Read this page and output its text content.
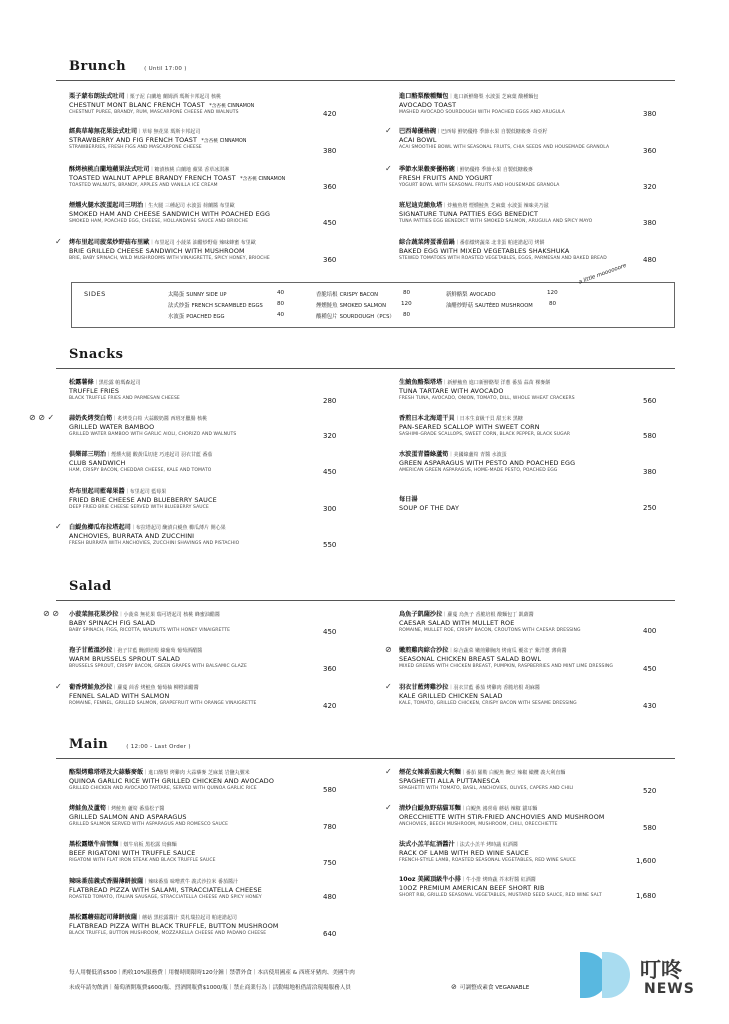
Brunch	( Until 17:00 )
栗子蒙布朗法式吐司｜栗子泥 白蘭地 蘭姆酒 瑪斯卡邦起司 核桃
CHESTNUT MONT BLANC FRENCH TOAST *含杏桃 CINNAMON
CHESTNUT PUREE, BRANDY, RUM, MASCARPONE CHEESE AND WALNUTS	420
經典草莓無花果法式吐司｜草莓 無花果 瑪斯卡邦起司
STRAWBERRY AND FIG FRENCH TOAST *含杏桃 CINNAMON
STRAWBERRIES, FRESH FIGS AND MASCARPONE CHEESE	380
酥烤核桃白蘭地蘋果法式吐司｜糖漬核桃 白蘭地 蘋果 香草冰淇淋
TOASTED WALNUT APPLE BRANDY FRENCH TOAST *含杏桃 CINNAMON
TOASTED WALNUTS, BRANDY, APPLES AND VANILLA ICE CREAM	360
煙燻火腿水波蛋起司三明治｜生火腿 三種起司 水波蛋 荷蘭醬 布里歐
SMOKED HAM AND CHEESE SANDWICH WITH POACHED EGG
SMOKED HAM, POACHED EGG, CHEESE, HOLLANDAISE SAUCE AND BRIOCHE	450
✓ 烤布里起司菠菜炒野菇布里歐｜布里起司 小菠菜 油醋炒野菇 辣味蜂蜜 布里歐
BRIE GRILLED CHEESE SANDWICH WITH MUSHROOM
BRIE, BABY SPINACH, WILD MUSHROOMS WITH VINAIGRETTE, SPICY HONEY, BRIOCHE	360
進口酪梨酸種麵包｜進口新鮮酪梨 水波蛋 芝麻葉 酸種麵包
AVOCADO TOAST
MASHED AVOCADO SOURDOUGH WITH POACHED EGGS AND ARUGULA	380
✓ 巴西莓優格碗｜巴西莓 鮮奶優格 季節水果 自製低糖穀麥 奇亞籽
ACAI BOWL
ACAI SMOOTHIE BOWL WITH SEASONAL FRUITS, CHIA SEEDS AND HOUSEMADE GRANOLA	360
✓ 季節水果穀麥優格碗｜鮮奶優格 季節水果 自製低糖穀麥
FRESH FRUITS AND YOGURT
YOGURT BOWL WITH SEASONAL FRUITS AND HOUSEMADE GRANOLA	320
班尼迪克鮪魚塔｜炸鮪魚塔 煙燻鮭魚 芝麻葉 水波蛋 辣味美乃滋
SIGNATURE TUNA PATTIES EGG BENEDICT
TUNA PATTIES EGG BENEDICT WITH SMOKED SALMON, ARUGULA AND SPICY MAYO	380
綜合蔬菜烤蛋番茄鍋｜番茄燉烤蔬菜 北非蛋 帕達諾起司 烤餅
BAKED EGG WITH MIXED VEGETABLES SHAKSHUKA
STEWED TOMATOES WITH ROASTED VEGETABLES, EGGS, PARMESAN AND BAKED BREAD	480
SIDES	太陽蛋 SUNNY SIDE UP	40
法式炒蛋 FRENCH SCRAMBLED EGGS	80
水波蛋 POACHED EGG	40
香脆培根 CRISPY BACON	80
煙燻鮭魚 SMOKED SALMON	120
酸種包片 SOURDOUGH（PCS） 80
新鮮酪梨 AVOCADO	120
油醋炒野菇 SAUTÉED MUSHROOM	80
a little moooooore
Snacks
松露薯條｜黑松露 帕瑪森起司
TRUFFLE FRIES
BLACK TRUFFLE FRIES AND PARMESAN CHEESE	280
⊘ ⊘ ✓ 蒜奶炙烤茭白筍｜炙烤茭白筍 大蒜酸奶醬 西班牙臘腸 核桃
GRILLED WATER BAMBOO
GRILLED WATER BAMBOO WITH GARLIC AIOLI, CHORIZO AND WALNUTS	320
俱樂部三明治｜煙燻火腿 酸黃瓜切達 巧達起司 羽衣甘藍 番茄
CLUB SANDWICH
HAM, CRISPY BACON, CHEDDAR CHEESE, KALE AND TOMATO	450
炸布里起司藍莓果醬｜布里起司 藍莓果
FRIED BRIE CHEESE AND BLUEBERRY SAUCE
DEEP FRIED BRIE CHEESE SERVED WITH BLUEBERRY SAUCE	300
✓ 白鯷魚櫛瓜布拉塔起司｜布拉塔起司 醃漬白鯷魚 櫛瓜薄片 開心果
ANCHOVIES, BURRATA AND ZUCCHINI
FRESH BURRATA WITH ANCHOVIES, ZUCCHINI SHAVINGS AND PISTACHIO	550
生鮪魚酪梨塔塔｜新鮮鮪魚 進口新鮮酪梨 洋蔥 番茄 蒜苗 裸麥餅
TUNA TARTARE WITH AVOCADO
FRESH TUNA, AVOCADO, ONION, TOMATO, DILL, WHOLE WHEAT CRACKERS	560
香煎日本北海道干貝｜日本生食級干貝 甜玉米 黑糖
PAN-SEARED SCALLOP WITH SWEET CORN
SASHIMI-GRADE SCALLOPS, SWEET CORN, BLACK PEPPER, BLACK SUGAR	580
水波蛋青醬綠蘆筍｜美國綠蘆筍 青醬 水波蛋
GREEN ASPARAGUS WITH PESTO AND POACHED EGG
AMERICAN GREEN ASPARAGUS, HOME-MADE PESTO, POACHED EGG	380
每日湯
SOUP OF THE DAY	250
Salad
⊘ ⊘ 小菠菜無花果沙拉｜小菠菜 無花果 瑞可塔起司 核桃 蜂蜜油醋醬
BABY SPINACH FIG SALAD
BABY SPINACH, FIGS, RICOTTA, WALNUTS WITH HONEY VINAIGRETTE	450
孢子甘藍溫沙拉｜孢子甘藍 醃漬培根 綠葡萄 葡萄酒醋醬
WARM BRUSSELS SPROUT SALAD
BRUSSELS SPROUT, CRISPY BACON, GREEN GRAPES WITH BALSAMIC GLAZE	360
✓ 葡香烤鮭魚沙拉｜蘿蔓 茴香 烤鮭魚 葡萄柚 柳橙油醋醬
FENNEL SALAD WITH SALMON
ROMAINE, FENNEL, GRILLED SALMON, GRAPEFRUIT WITH ORANGE VINAIGRETTE	420
烏魚子凱薩沙拉｜蘿蔓 烏魚子 香脆培根 酸麵包丁 凱薩醬
CAESAR SALAD WITH MULLET ROE
ROMAINE, MULLET ROE, CRISPY BACON, CROUTONS WITH CAESAR DRESSING	400
⊘ 嫩煎雞肉綜合沙拉｜綜合蔬菜 嫩煎雞胸肉 烤南瓜 覆盆子 紫洋蔥 薄荷醬
SEASONAL CHICKEN BREAST SALAD BOWL
MIXED GREENS WITH CHICKEN BREAST, PUMPKIN, RASPBERRIES AND MINT LIME DRESSING	450
✓ 羽衣甘藍烤雞沙拉｜羽衣甘藍 番茄 烤雞肉 香脆培根 胡麻醬
KALE GRILLED CHICKEN SALAD
KALE, TOMATO, GRILLED CHICKEN, CRISPY BACON WITH SESAME DRESSING	430
Main	( 12:00 - Last Order )
酪梨烤雞塔塔及大蒜藜麥飯｜進口酪梨 烤雞肉 大蒜藜麥 芝麻葉 岩鹽丸號米
QUINOA GARLIC RICE WITH GRILLED CHICKEN AND AVOCADO
GRILLED CHICKEN AND AVOCADO TARTARE, SERVED WITH QUINOA GARLIC RICE	580
烤鮭魚及蘆筍｜烤鮭魚 蘆筍 番茄松子醬
GRILLED SALMON AND ASPARAGUS
GRILLED SALMON SERVED WITH ASPARAGUS AND ROMESCO SAUCE	780
黑松露燉牛肩管麵｜燉牛肩板 黑松露 烏蘇麵
BEEF RIGATONI WITH TRUFFLE SAUCE
RIGATONI WITH FLAT IRON STEAK AND BLACK TRUFFLE SAUCE	750
辣味番茄義式香腸薄餅披薩｜辣味番茄 味噌煮牛 義式沙拉米 番茄醬汁
FLATBREAD PIZZA WITH SALAMI, STRACCIATELLA CHEESE
ROASTED TOMATO, ITALIAN SAUSAGE, STRACCIATELLA CHEESE AND SPICY HONEY	480
黑松露蘑菇起司薄餅披薩｜蘑菇 黑松露醬汁 莫札瑞拉起司 帕達諾起司
FLATBREAD PIZZA WITH BLACK TRUFFLE, BUTTON MUSHROOM
BLACK TRUFFLE, BUTTON MUSHROOM, MOZZARELLA CHEESE AND PADANO CHEESE	640
✓ 煙花女辣番茄義大利麵｜番茄 羅勒 白鯷魚 醃豆 辣椒 橄欖 義大利直麵
SPAGHETTI ALLA PUTTANESCA
SPAGHETTI WITH TOMATO, BASIL, ANCHOVIES, OLIVES, CAPERS AND CHILI	520
✓ 清炒白鯷魚野菇貓耳麵｜白鯷魚 鴻喜菇 蘑菇 辣椒 貓耳麵
ORECCHIETTE WITH STIR-FRIED ANCHOVIES AND MUSHROOM
ANCHOVIES, BEECH MUSHROOM, MUSHROOM, CHILI, ORECCHIETTE	580
法式小羔羊紅酒醬汁｜法式小羔羊 烤時蔬 紅酒醬
RACK OF LAMB WITH RED WINE SAUCE
FRENCH-STYLE LAMB, ROASTED SEASONAL VEGETABLES, RED WINE SAUCE	1,600
10oz 美國頂級牛小排｜牛小排 烤時蔬 芥末籽醬 紅酒醬
10OZ PREMIUM AMERICAN BEEF SHORT RIB
SHORT RIB, GRILLED SEASONAL VEGETABLES, MUSTARD SEED SAUCE, RED WINE SALT	1,680
每人用餐低消$500｜酌收10%服務費｜用餐時間限時120分鐘｜禁帶外食｜本店使用國產 & 西班牙豬肉、美國牛肉
未成年請勿飲酒｜葡萄酒開瓶費$600/瓶、烈酒開瓶費$1000/瓶｜禁止商業行為｜活動場地租借請洽現場服務人員	⊘ 可調整成素食 VEGANABLE
叮咚
NEWS
